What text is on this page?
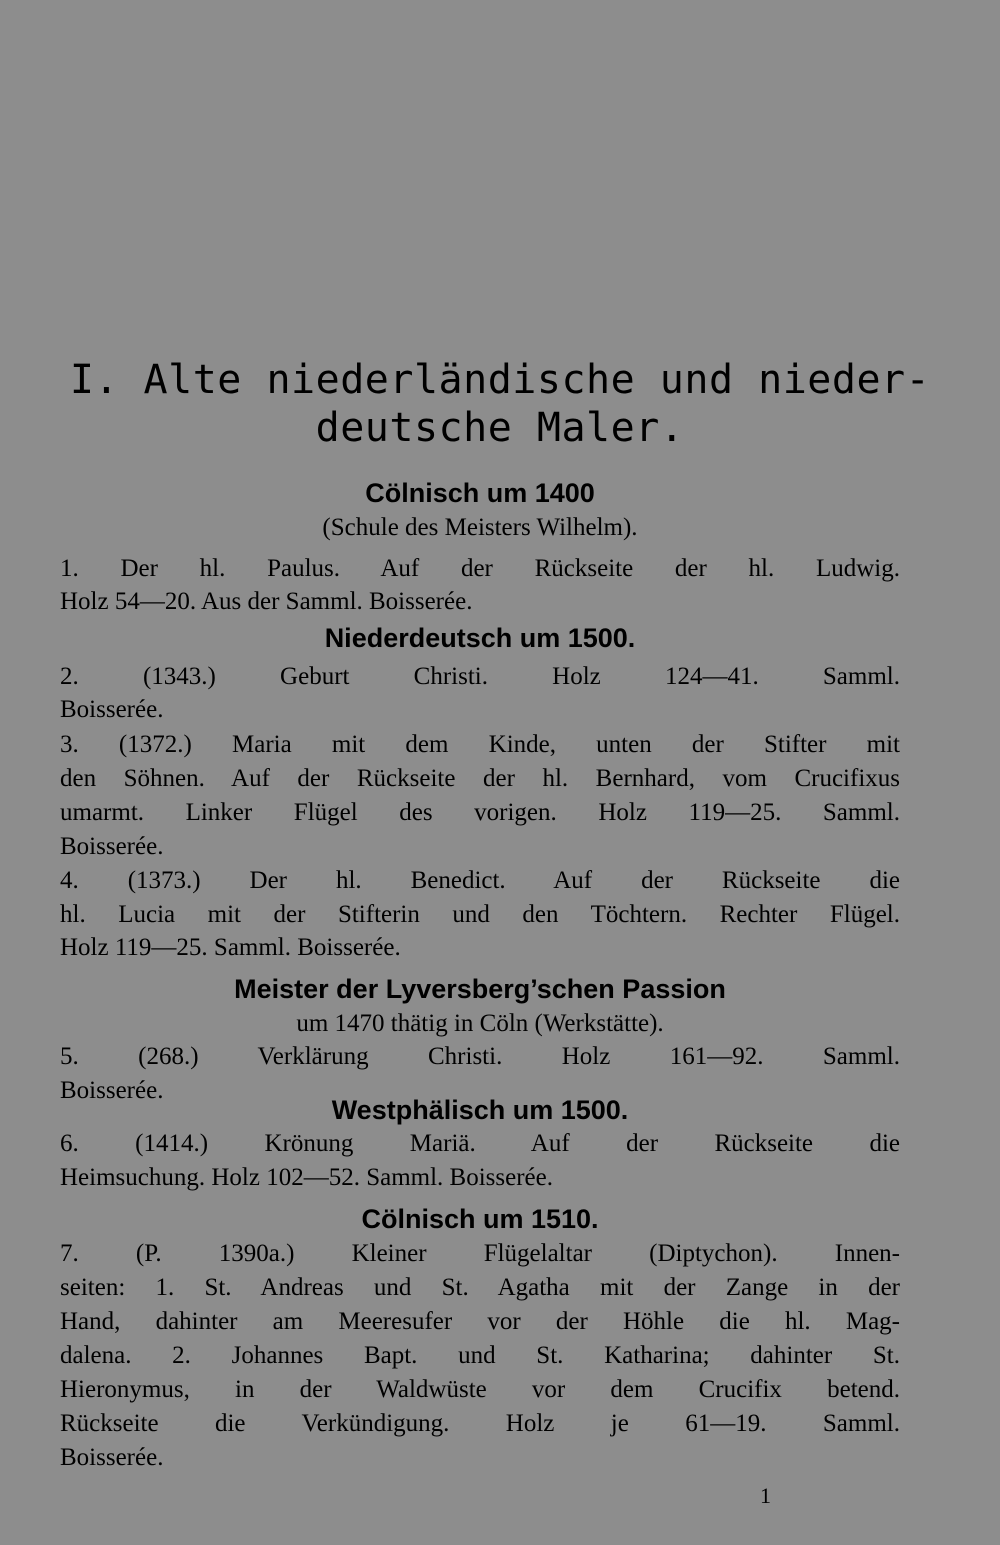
I. Alte niederländische und nieder-
deutsche Maler.
Cölnisch um 1400
(Schule des Meisters Wilhelm).
1. Der hl. Paulus. Auf der Rückseite der hl. Ludwig.
Holz 54—20. Aus der Samml. Boisserée.
Niederdeutsch um 1500.
2. (1343.) Geburt Christi. Holz 124—41. Samml.
Boisserée.
3. (1372.) Maria mit dem Kinde, unten der Stifter mit
den Söhnen. Auf der Rückseite der hl. Bernhard, vom Crucifixus
umarmt. Linker Flügel des vorigen. Holz 119—25. Samml.
Boisserée.
4. (1373.) Der hl. Benedict. Auf der Rückseite die
hl. Lucia mit der Stifterin und den Töchtern. Rechter Flügel.
Holz 119—25. Samml. Boisserée.
Meister der Lyversberg’schen Passion
um 1470 thätig in Cöln (Werkstätte).
5. (268.) Verklärung Christi. Holz 161—92. Samml.
Boisserée.
Westphälisch um 1500.
6. (1414.) Krönung Mariä. Auf der Rückseite die
Heimsuchung. Holz 102—52. Samml. Boisserée.
Cölnisch um 1510.
7. (P. 1390a.) Kleiner Flügelaltar (Diptychon). Innen-
seiten: 1. St. Andreas und St. Agatha mit der Zange in der
Hand, dahinter am Meeresufer vor der Höhle die hl. Mag-
dalena. 2. Johannes Bapt. und St. Katharina; dahinter St.
Hieronymus, in der Waldwüste vor dem Crucifix betend.
Rückseite die Verkündigung. Holz je 61—19. Samml.
Boisserée.
1
